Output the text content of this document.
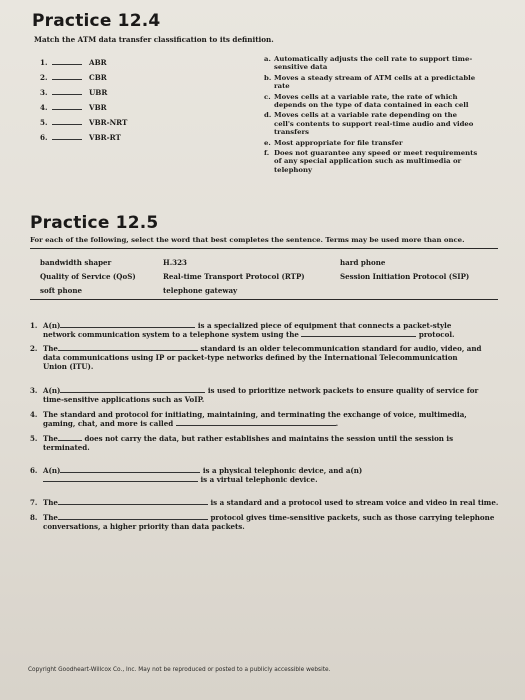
Practice 12.4
Match the ATM data transfer classification to its definition.
1.	ABR
2.	CBR
3.	UBR
4.	VBR
5.	VBR-NRT
6.	VBR-RT
a. Automatically adjusts the cell rate to support time-sensitive data
b. Moves a steady stream of ATM cells at a predictable rate
c. Moves cells at a variable rate, the rate of which depends on the type of data contained in each cell
d. Moves cells at a variable rate depending on the cell's contents to support real-time audio and video transfers
e. Most appropriate for file transfer
f. Does not guarantee any speed or meet requirements of any special application such as multimedia or telephony
Practice 12.5
For each of the following, select the word that best completes the sentence. Terms may be used more than once.
bandwidth shaper	H.323	hard phone
Quality of Service (QoS)	Real-time Transport Protocol (RTP)	Session Initiation Protocol (SIP)
soft phone	telephone gateway
1. A(n)	is a specialized piece of equipment that connects a packet-style
network communication system to a telephone system using the	protocol.
2. The	standard is an older telecommunication standard for audio, video, and
data communications using IP or packet-type networks defined by the International Telecommunication
Union (ITU).
3. A(n)	is used to prioritize network packets to ensure quality of service for
time-sensitive applications such as VoIP.
4. The standard and protocol for initiating, maintaining, and terminating the exchange of voice, multimedia,
gaming, chat, and more is called	.
5. The	does not carry the data, but rather establishes and maintains the session until the session is
terminated.
6. A(n)	is a physical telephonic device, and a(n)
is a virtual telephonic device.
7. The	is a standard and a protocol used to stream voice and video in real time.
8. The	protocol gives time-sensitive packets, such as those carrying telephone
conversations, a higher priority than data packets.
Copyright Goodheart-Willcox Co., Inc. May not be reproduced or posted to a publicly accessible website.
